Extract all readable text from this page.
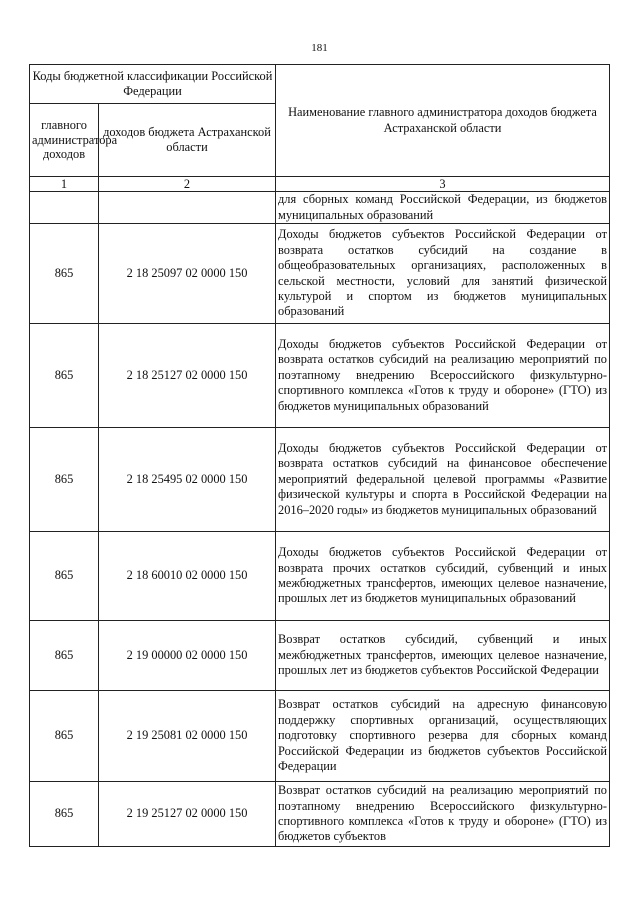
181
Коды бюджетной классификации Российской Федерации		Наименование главного администратора доходов бюджета Астраханской области
главного администратора доходов	доходов бюджета Астраханской области	
1	2	3
		для сборных команд Российской Федерации, из бюджетов муниципальных образований
865	2 18 25097 02 0000 150	Доходы бюджетов субъектов Российской Федерации от возврата остатков субсидий на создание в общеобразовательных организациях, расположенных в сельской местности, условий для занятий физической культурой и спортом из бюджетов муниципальных образований
865	2 18 25127 02 0000 150	Доходы бюджетов субъектов Российской Федерации от возврата остатков субсидий на реализацию мероприятий по поэтапному внедрению Всероссийского физкультурно-спортивного комплекса «Готов к труду и обороне» (ГТО) из бюджетов муниципальных образований
865	2 18 25495 02 0000 150	Доходы бюджетов субъектов Российской Федерации от возврата остатков субсидий на финансовое обеспечение мероприятий федеральной целевой программы «Развитие физической культуры и спорта в Российской Федерации на 2016–2020 годы» из бюджетов муниципальных образований
865	2 18 60010 02 0000 150	Доходы бюджетов субъектов Российской Федерации от возврата прочих остатков субсидий, субвенций и иных межбюджетных трансфертов, имеющих целевое назначение, прошлых лет из бюджетов муниципальных образований
865	2 19 00000 02 0000 150	Возврат остатков субсидий, субвенций и иных межбюджетных трансфертов, имеющих целевое назначение, прошлых лет из бюджетов субъектов Российской Федерации
865	2 19 25081 02 0000 150	Возврат остатков субсидий на адресную финансовую поддержку спортивных организаций, осуществляющих подготовку спортивного резерва для сборных команд Российской Федерации из бюджетов субъектов Российской Федерации
865	2 19 25127 02 0000 150	Возврат остатков субсидий на реализацию мероприятий по поэтапному внедрению Всероссийского физкультурно-спортивного комплекса «Готов к труду и обороне» (ГТО) из бюджетов субъектов
